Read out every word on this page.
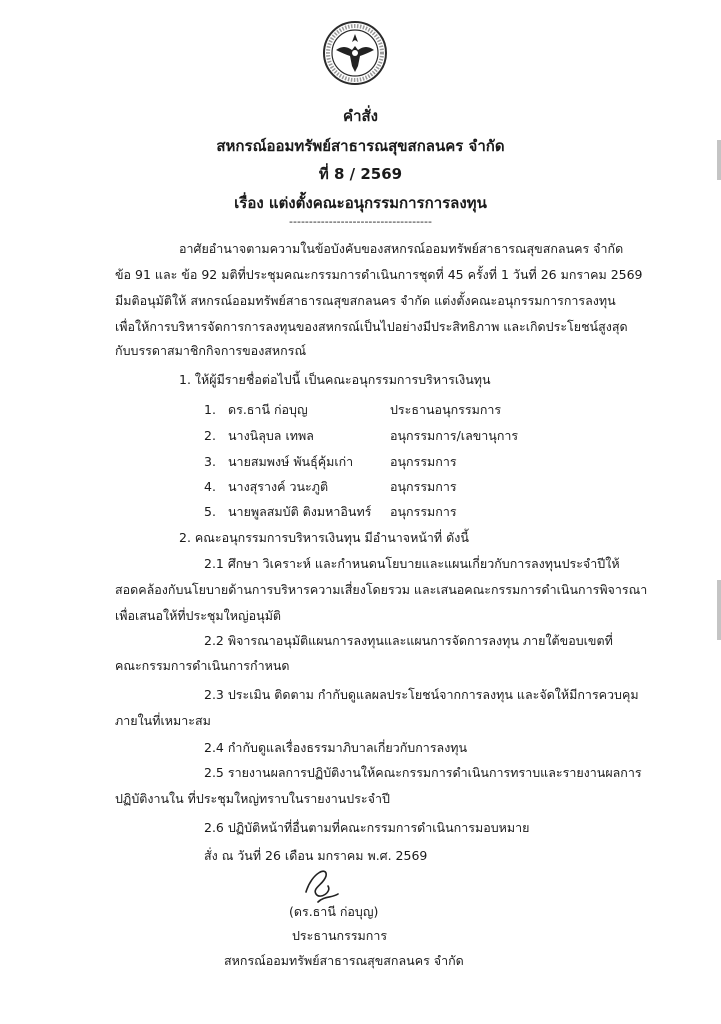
คำสั่ง
สหกรณ์ออมทรัพย์สาธารณสุขสกลนคร จำกัด
ที่ 8 / 2569
เรื่อง แต่งตั้งคณะอนุกรรมการการลงทุน
------------------------------------
อาศัยอำนาจตามความในข้อบังคับของสหกรณ์ออมทรัพย์สาธารณสุขสกลนคร จำกัด
ข้อ 91 และ ข้อ 92 มติที่ประชุมคณะกรรมการดำเนินการชุดที่ 45 ครั้งที่ 1 วันที่ 26 มกราคม 2569
มีมติอนุมัติให้ สหกรณ์ออมทรัพย์สาธารณสุขสกลนคร จำกัด แต่งตั้งคณะอนุกรรมการการลงทุน
เพื่อให้การบริหารจัดการการลงทุนของสหกรณ์เป็นไปอย่างมีประสิทธิภาพ และเกิดประโยชน์สูงสุด
กับบรรดาสมาชิกกิจการของสหกรณ์
1. ให้ผู้มีรายชื่อต่อไปนี้ เป็นคณะอนุกรรมการบริหารเงินทุน
1. ดร.ธานี ก่อบุญ	ประธานอนุกรรมการ
2. นางนิลุบล เทพล	อนุกรรมการ/เลขานุการ
3. นายสมพงษ์ พันธุ์คุ้มเก่า	อนุกรรมการ
4. นางสุรางค์ วนะภูติ	อนุกรรมการ
5. นายพูลสมบัติ ติงมหาอินทร์ อนุกรรมการ
2. คณะอนุกรรมการบริหารเงินทุน มีอำนาจหน้าที่ ดังนี้
2.1 ศึกษา วิเคราะห์ และกำหนดนโยบายและแผนเกี่ยวกับการลงทุนประจำปีให้
สอดคล้องกับนโยบายด้านการบริหารความเสี่ยงโดยรวม และเสนอคณะกรรมการดำเนินการพิจารณา
เพื่อเสนอให้ที่ประชุมใหญ่อนุมัติ
2.2 พิจารณาอนุมัติแผนการลงทุนและแผนการจัดการลงทุน ภายใต้ขอบเขตที่
คณะกรรมการดำเนินการกำหนด
2.3 ประเมิน ติดตาม กำกับดูแลผลประโยชน์จากการลงทุน และจัดให้มีการควบคุม
ภายในที่เหมาะสม
2.4 กำกับดูแลเรื่องธรรมาภิบาลเกี่ยวกับการลงทุน
2.5 รายงานผลการปฏิบัติงานให้คณะกรรมการดำเนินการทราบและรายงานผลการ
ปฏิบัติงานใน ที่ประชุมใหญ่ทราบในรายงานประจำปี
2.6 ปฏิบัติหน้าที่อื่นตามที่คณะกรรมการดำเนินการมอบหมาย
สั่ง ณ วันที่ 26 เดือน มกราคม พ.ศ. 2569
(ดร.ธานี ก่อบุญ)
ประธานกรรมการ
สหกรณ์ออมทรัพย์สาธารณสุขสกลนคร จำกัด
